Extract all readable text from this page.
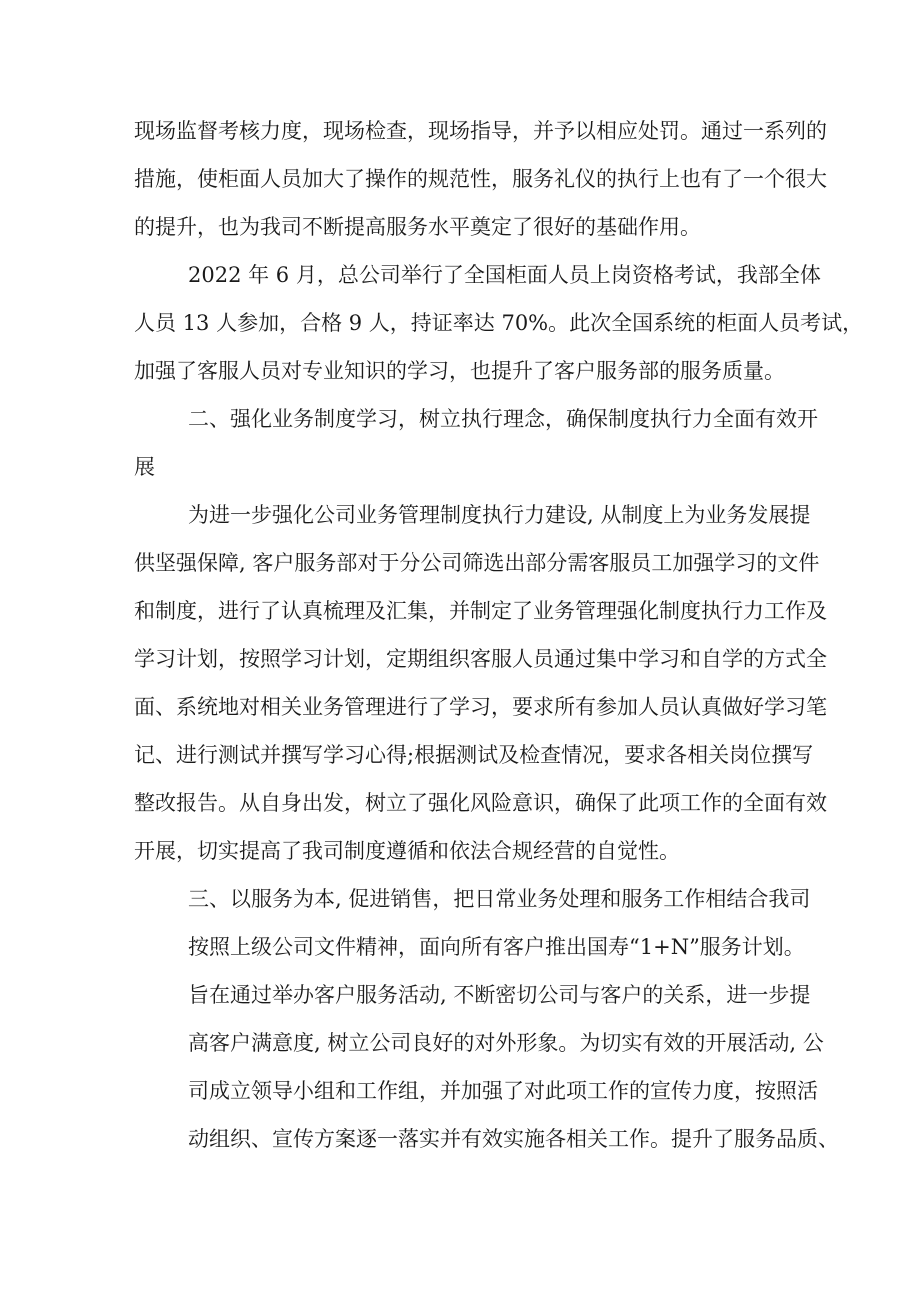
现场监督考核力度，现场检查，现场指导，并予以相应处罚。通过一系列的
措施，使柜面人员加大了操作的规范性，服务礼仪的执行上也有了一个很大
的提升，也为我司不断提高服务水平奠定了很好的基础作用。
2022 年 6 月，总公司举行了全国柜面人员上岗资格考试，我部全体
人员 13 人参加，合格 9 人，持证率达 70%。此次全国系统的柜面人员考试，
加强了客服人员对专业知识的学习，也提升了客户服务部的服务质量。
二、强化业务制度学习，树立执行理念，确保制度执行力全面有效开
展
为进一步强化公司业务管理制度执行力建设, 从制度上为业务发展提
供坚强保障, 客户服务部对于分公司筛选出部分需客服员工加强学习的文件
和制度，进行了认真梳理及汇集，并制定了业务管理强化制度执行力工作及
学习计划，按照学习计划，定期组织客服人员通过集中学习和自学的方式全
面、系统地对相关业务管理进行了学习，要求所有参加人员认真做好学习笔
记、进行测试并撰写学习心得;根据测试及检查情况，要求各相关岗位撰写
整改报告。从自身出发，树立了强化风险意识，确保了此项工作的全面有效
开展，切实提高了我司制度遵循和依法合规经营的自觉性。
三、以服务为本, 促进销售，把日常业务处理和服务工作相结合我司
按照上级公司文件精神，面向所有客户推出国寿“1+N”服务计划。
旨在通过举办客户服务活动, 不断密切公司与客户的关系，进一步提
高客户满意度, 树立公司良好的对外形象。为切实有效的开展活动, 公
司成立领导小组和工作组，并加强了对此项工作的宣传力度，按照活
动组织、宣传方案逐一落实并有效实施各相关工作。提升了服务品质、
